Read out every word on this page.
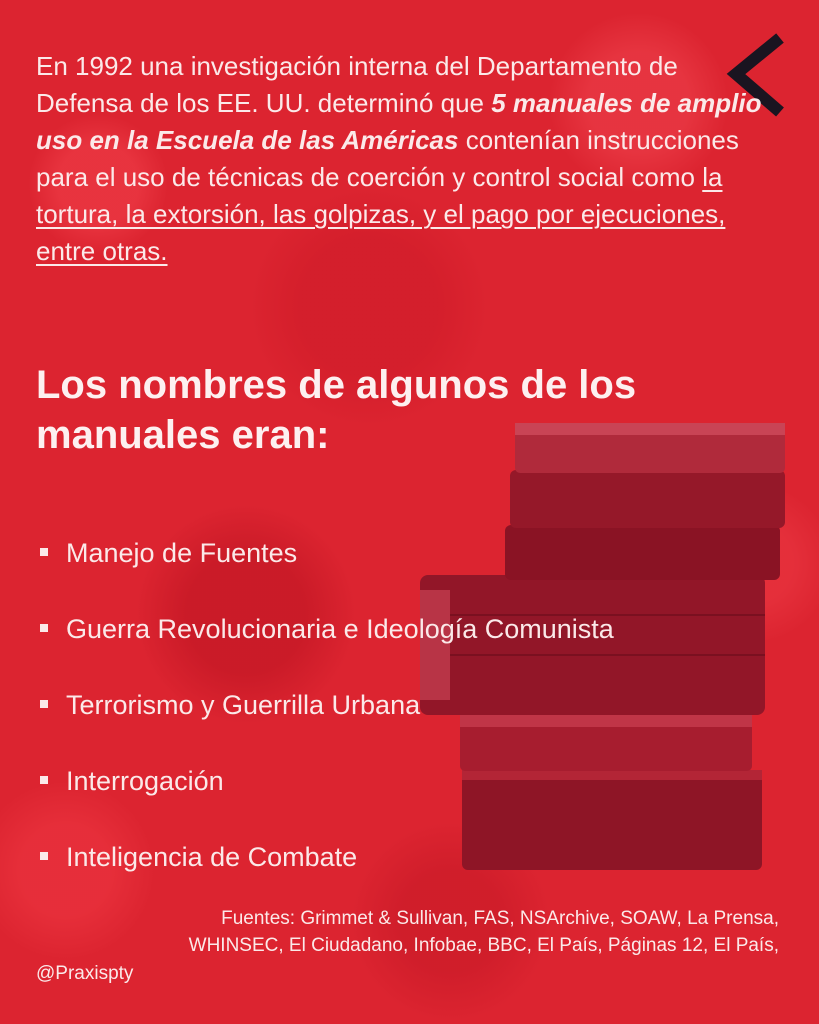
En 1992 una investigación interna del Departamento de Defensa de los EE. UU. determinó que 5 manuales de amplio uso en la Escuela de las Américas contenían instrucciones para el uso de técnicas de coerción y control social como la tortura, la extorsión, las golpizas, y el pago por ejecuciones, entre otras.

Los nombres de algunos de los manuales eran:
Manejo de Fuentes
Guerra Revolucionaria e Ideología Comunista
Terrorismo y Guerrilla Urbana
Interrogación
Inteligencia de Combate

Fuentes: Grimmet & Sullivan, FAS, NSArchive, SOAW, La Prensa, WHINSEC, El Ciudadano, Infobae, BBC, El País, Páginas 12, El País,

@Praxispty
